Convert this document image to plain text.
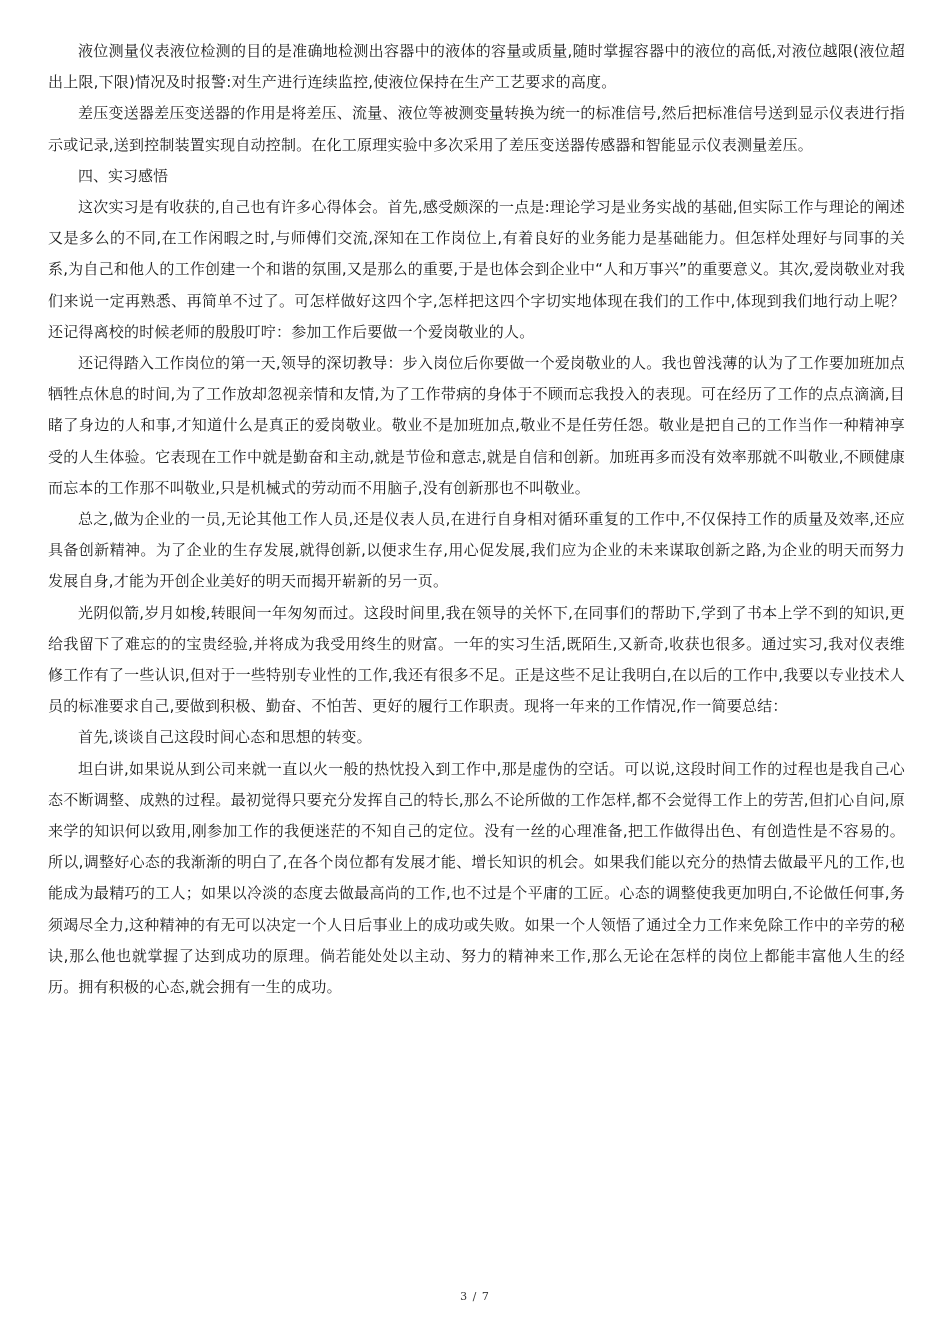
液位测量仪表液位检测的目的是准确地检测出容器中的液体的容量或质量,随时掌握容器中的液位的高低,对液位越限(液位超出上限,下限)情况及时报警:对生产进行连续监控,使液位保持在生产工艺要求的高度。

差压变送器差压变送器的作用是将差压、流量、液位等被测变量转换为统一的标准信号,然后把标准信号送到显示仪表进行指示或记录,送到控制装置实现自动控制。在化工原理实验中多次采用了差压变送器传感器和智能显示仪表测量差压。

四、实习感悟

这次实习是有收获的,自己也有许多心得体会。首先,感受颇深的一点是:理论学习是业务实战的基础,但实际工作与理论的阐述又是多么的不同,在工作闲暇之时,与师傅们交流,深知在工作岗位上,有着良好的业务能力是基础能力。但怎样处理好与同事的关系,为自己和他人的工作创建一个和谐的氛围,又是那么的重要,于是也体会到企业中“人和万事兴”的重要意义。其次,爱岗敬业对我们来说一定再熟悉、再简单不过了。可怎样做好这四个字,怎样把这四个字切实地体现在我们的工作中,体现到我们地行动上呢？还记得离校的时候老师的殷殷叮咛：参加工作后要做一个爱岗敬业的人。

还记得踏入工作岗位的第一天,领导的深切教导：步入岗位后你要做一个爱岗敬业的人。我也曾浅薄的认为了工作要加班加点牺牲点休息的时间,为了工作放却忽视亲情和友情,为了工作带病的身体于不顾而忘我投入的表现。可在经历了工作的点点滴滴,目睹了身边的人和事,才知道什么是真正的爱岗敬业。敬业不是加班加点,敬业不是任劳任怨。敬业是把自己的工作当作一种精神享受的人生体验。它表现在工作中就是勤奋和主动,就是节俭和意志,就是自信和创新。加班再多而没有效率那就不叫敬业,不顾健康而忘本的工作那不叫敬业,只是机械式的劳动而不用脑子,没有创新那也不叫敬业。

总之,做为企业的一员,无论其他工作人员,还是仪表人员,在进行自身相对循环重复的工作中,不仅保持工作的质量及效率,还应具备创新精神。为了企业的生存发展,就得创新,以便求生存,用心促发展,我们应为企业的未来谋取创新之路,为企业的明天而努力发展自身,才能为开创企业美好的明天而揭开崭新的另一页。

光阴似箭,岁月如梭,转眼间一年匆匆而过。这段时间里,我在领导的关怀下,在同事们的帮助下,学到了书本上学不到的知识,更给我留下了难忘的的宝贵经验,并将成为我受用终生的财富。一年的实习生活,既陌生,又新奇,收获也很多。通过实习,我对仪表维修工作有了一些认识,但对于一些特别专业性的工作,我还有很多不足。正是这些不足让我明白,在以后的工作中,我要以专业技术人员的标准要求自己,要做到积极、勤奋、不怕苦、更好的履行工作职责。现将一年来的工作情况,作一简要总结：

首先,谈谈自己这段时间心态和思想的转变。

坦白讲,如果说从到公司来就一直以火一般的热忱投入到工作中,那是虚伪的空话。可以说,这段时间工作的过程也是我自己心态不断调整、成熟的过程。最初觉得只要充分发挥自己的特长,那么不论所做的工作怎样,都不会觉得工作上的劳苦,但扪心自问,原来学的知识何以致用,刚参加工作的我便迷茫的不知自己的定位。没有一丝的心理准备,把工作做得出色、有创造性是不容易的。所以,调整好心态的我渐渐的明白了,在各个岗位都有发展才能、增长知识的机会。如果我们能以充分的热情去做最平凡的工作,也能成为最精巧的工人；如果以冷淡的态度去做最高尚的工作,也不过是个平庸的工匠。心态的调整使我更加明白,不论做任何事,务须竭尽全力,这种精神的有无可以决定一个人日后事业上的成功或失败。如果一个人领悟了通过全力工作来免除工作中的辛劳的秘诀,那么他也就掌握了达到成功的原理。倘若能处处以主动、努力的精神来工作,那么无论在怎样的岗位上都能丰富他人生的经历。拥有积极的心态,就会拥有一生的成功。

3 / 7
